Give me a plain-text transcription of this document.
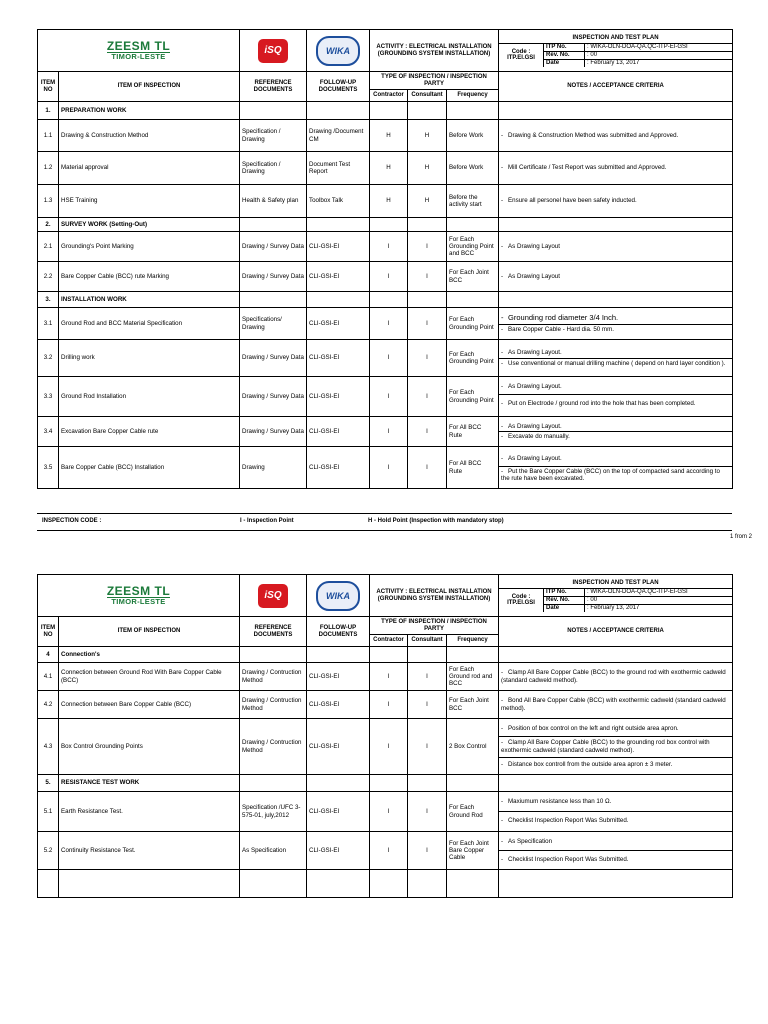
ZEESM TL
TIMOR-LESTE
	iSQ	WIKA	ACTIVITY : ELECTRICAL INSTALLATION
(GROUNDING SYSTEM INSTALLATION)

INSPECTION AND TEST PLAN
Code :
ITP.EI.GSI
	ITP No.	: WIKA-OLN-DOA-QA.QC-ITP-EI-GSI
Rev. No.	: 00
Date	: February 13, 2017

ITEM NO	ITEM OF INSPECTION	REFERENCE DOCUMENTS	FOLLOW-UP DOCUMENTS	TYPE OF INSPECTION / INSPECTION PARTY	NOTES / ACCEPTANCE CRITERIA
Contractor	Consultant	Frequency
1.	PREPARATION WORK						
1.1	Drawing & Construction Method	Specification / Drawing	Drawing /Document CM	H	H	Before Work	- Drawing & Construction Method was submitted and Approved.
1.2	Material approval	Specification / Drawing	Document Test Report	H	H	Before Work	- Mill Certificate / Test Report was submitted and Approved.
1.3	HSE Training	Health & Safety plan	Toolbox Talk	H	H	Before the activity start	- Ensure all personel have been safety inducted.
2.	SURVEY WORK (Setting-Out)						
2.1	Grounding's Point Marking	Drawing / Survey Data	CLI-GSI-EI	I	I	For Each Grounding Point and BCC	- As Drawing Layout
2.2	Bare Copper Cable (BCC) rute Marking	Drawing / Survey Data	CLI-GSI-EI	I	I	For Each Joint BCC	- As Drawing Layout
3.	INSTALLATION WORK						
3.1	Ground Rod and BCC Material Specification	Specifications/ Drawing	CLI-GSI-EI	I	I	For Each Grounding Point	
- Grounding rod diameter 3/4 Inch.
- Bare Copper Cable - Hard dia. 50 mm.

3.2	Drilling work	Drawing / Survey Data	CLI-GSI-EI	I	I	For Each Grounding Point	
- As Drawing Layout.
- Use conventional or manual drilling machine ( depend on hard layer condition ).

3.3	Ground Rod Installation	Drawing / Survey Data	CLI-GSI-EI	I	I	For Each Grounding Point	
- As Drawing Layout.
- Put on Electrode / ground rod into the hole that has been completed.

3.4	Excavation Bare Copper Cable rute	Drawing / Survey Data	CLI-GSI-EI	I	I	For All BCC Rute	
- As Drawing Layout.
- Excavate do manually.

3.5	Bare Copper Cable (BCC) Installation	Drawing	CLI-GSI-EI	I	I	For All BCC Rute	
- As Drawing Layout.
- Put the Bare Copper Cable (BCC) on the top of compacted sand according to the rute have been excavated.
INSPECTION CODE :	I - Inspection Point	H - Hold Point (Inspection with mandatory stop)
1 from 2
ZEESM TL
TIMOR-LESTE
	iSQ	WIKA	ACTIVITY : ELECTRICAL INSTALLATION
(GROUNDING SYSTEM INSTALLATION)

INSPECTION AND TEST PLAN
Code :
ITP.EI.GSI
	ITP No.	: WIKA-OLN-DOA-QA.QC-ITP-EI-GSI
Rev. No.	: 00
Date	: February 13, 2017

ITEM NO	ITEM OF INSPECTION	REFERENCE DOCUMENTS	FOLLOW-UP DOCUMENTS	TYPE OF INSPECTION / INSPECTION PARTY	NOTES / ACCEPTANCE CRITERIA
Contractor	Consultant	Frequency
4	Connection's						
4.1	Connection between Ground Rod With Bare Copper Cable (BCC)	Drawing / Contruction Method	CLI-GSI-EI	I	I	For Each Ground rod and BCC	- Clamp All Bare Copper Cable (BCC) to the ground rod with exothermic cadweld (standard cadweld method).
4.2	Connection between Bare Copper Cable (BCC)	Drawing / Contruction Method	CLI-GSI-EI	I	I	For Each Joint BCC	- Bond All Bare Copper Cable (BCC) with exothermic cadweld (standard cadweld method).
4.3	Box Control Grounding Points	Drawing / Contruction Method	CLI-GSI-EI	I	I	2 Box Control	
- Position of box control on the left and right outside area apron.
- Clamp All Bare Copper Cable (BCC) to the grounding rod box control with exothermic cadweld (standard cadweld method).
- Distance box controll from the outside area apron ± 3 meter.

5.	RESISTANCE TEST WORK						
5.1	Earth Resistance Test.	Specification /UFC 3-575-01, july,2012	CLI-GSI-EI	I	I	For Each Ground Rod	
- Maxiumum resistance less than 10 Ω.
- Checklist Inspection Report Was Submitted.

5.2	Continuity Resistance Test.	As Specification	CLI-GSI-EI	I	I	For Each Joint Bare Copper Cable	
- As Specification
- Checklist Inspection Report Was Submitted.
